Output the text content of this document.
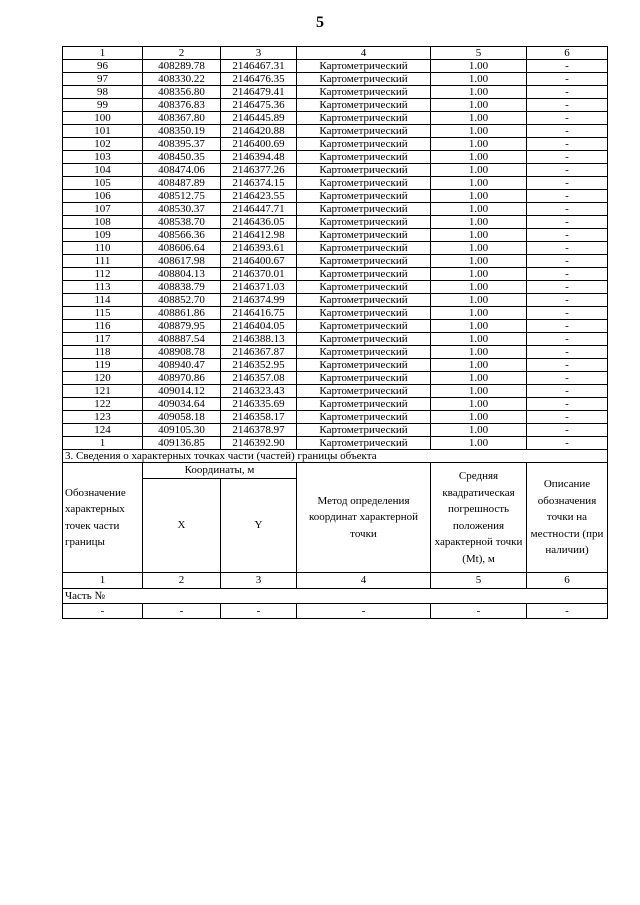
5
1	2	3	4	5	6
96	408289.78	2146467.31	Картометрический	1.00	-
97	408330.22	2146476.35	Картометрический	1.00	-
98	408356.80	2146479.41	Картометрический	1.00	-
99	408376.83	2146475.36	Картометрический	1.00	-
100	408367.80	2146445.89	Картометрический	1.00	-
101	408350.19	2146420.88	Картометрический	1.00	-
102	408395.37	2146400.69	Картометрический	1.00	-
103	408450.35	2146394.48	Картометрический	1.00	-
104	408474.06	2146377.26	Картометрический	1.00	-
105	408487.89	2146374.15	Картометрический	1.00	-
106	408512.75	2146423.55	Картометрический	1.00	-
107	408530.37	2146447.71	Картометрический	1.00	-
108	408538.70	2146436.05	Картометрический	1.00	-
109	408566.36	2146412.98	Картометрический	1.00	-
110	408606.64	2146393.61	Картометрический	1.00	-
111	408617.98	2146400.67	Картометрический	1.00	-
112	408804.13	2146370.01	Картометрический	1.00	-
113	408838.79	2146371.03	Картометрический	1.00	-
114	408852.70	2146374.99	Картометрический	1.00	-
115	408861.86	2146416.75	Картометрический	1.00	-
116	408879.95	2146404.05	Картометрический	1.00	-
117	408887.54	2146388.13	Картометрический	1.00	-
118	408908.78	2146367.87	Картометрический	1.00	-
119	408940.47	2146352.95	Картометрический	1.00	-
120	408970.86	2146357.08	Картометрический	1.00	-
121	409014.12	2146323.43	Картометрический	1.00	-
122	409034.64	2146335.69	Картометрический	1.00	-
123	409058.18	2146358.17	Картометрический	1.00	-
124	409105.30	2146378.97	Картометрический	1.00	-
1	409136.85	2146392.90	Картометрический	1.00	-
3. Сведения о характерных точках части (частей) границы объекта					
Обозначение характерных точек части границы	Координаты, м		Метод определения координат характерной точки	Средняя квадратическая погрешность положения характерной точки (Mt), м	Описание обозначения точки на местности (при наличии)
	X	Y			
1	2	3	4	5	6
Часть №					
-	-	-	-	-	-
